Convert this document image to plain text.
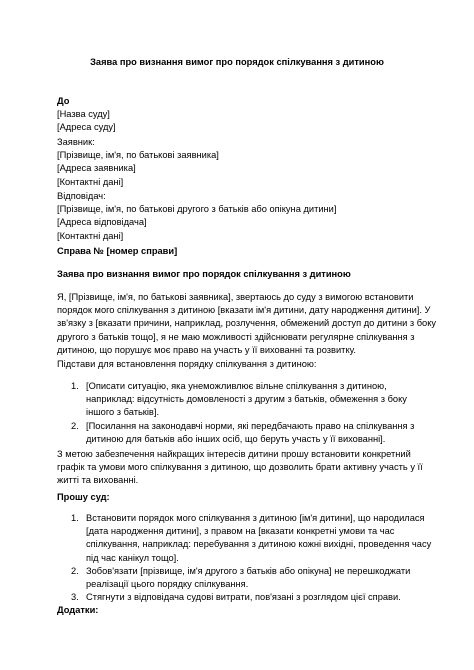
Заява про визнання вимог про порядок спілкування з дитиною
До
[Назва суду]
[Адреса суду]
Заявник:
[Прізвище, ім'я, по батькові заявника]
[Адреса заявника]
[Контактні дані]
Відповідач:
[Прізвище, ім'я, по батькові другого з батьків або опікуна дитини]
[Адреса відповідача]
[Контактні дані]
Справа № [номер справи]
Заява про визнання вимог про порядок спілкування з дитиною
Я, [Прізвище, ім'я, по батькові заявника], звертаюсь до суду з вимогою встановити
порядок мого спілкування з дитиною [вказати ім'я дитини, дату народження дитини]. У
зв'язку з [вказати причини, наприклад, розлучення, обмежений доступ до дитини з боку
другого з батьків тощо], я не маю можливості здійснювати регулярне спілкування з
дитиною, що порушує моє право на участь у її вихованні та розвитку.
Підстави для встановлення порядку спілкування з дитиною:
1. [Описати ситуацію, яка унеможливлює вільне спілкування з дитиною,
наприклад: відсутність домовленості з другим з батьків, обмеження з боку
іншого з батьків].
2. [Посилання на законодавчі норми, які передбачають право на спілкування з
дитиною для батьків або інших осіб, що беруть участь у її вихованні].
З метою забезпечення найкращих інтересів дитини прошу встановити конкретний
графік та умови мого спілкування з дитиною, що дозволить брати активну участь у її
житті та вихованні.
Прошу суд:
1. Встановити порядок мого спілкування з дитиною [ім'я дитини], що народилася
[дата народження дитини], з правом на [вказати конкретні умови та час
спілкування, наприклад: перебування з дитиною кожні вихідні, проведення часу
під час канікул тощо].
2. Зобов'язати [прізвище, ім'я другого з батьків або опікуна] не перешкоджати
реалізації цього порядку спілкування.
3. Стягнути з відповідача судові витрати, пов'язані з розглядом цієї справи.
Додатки:
